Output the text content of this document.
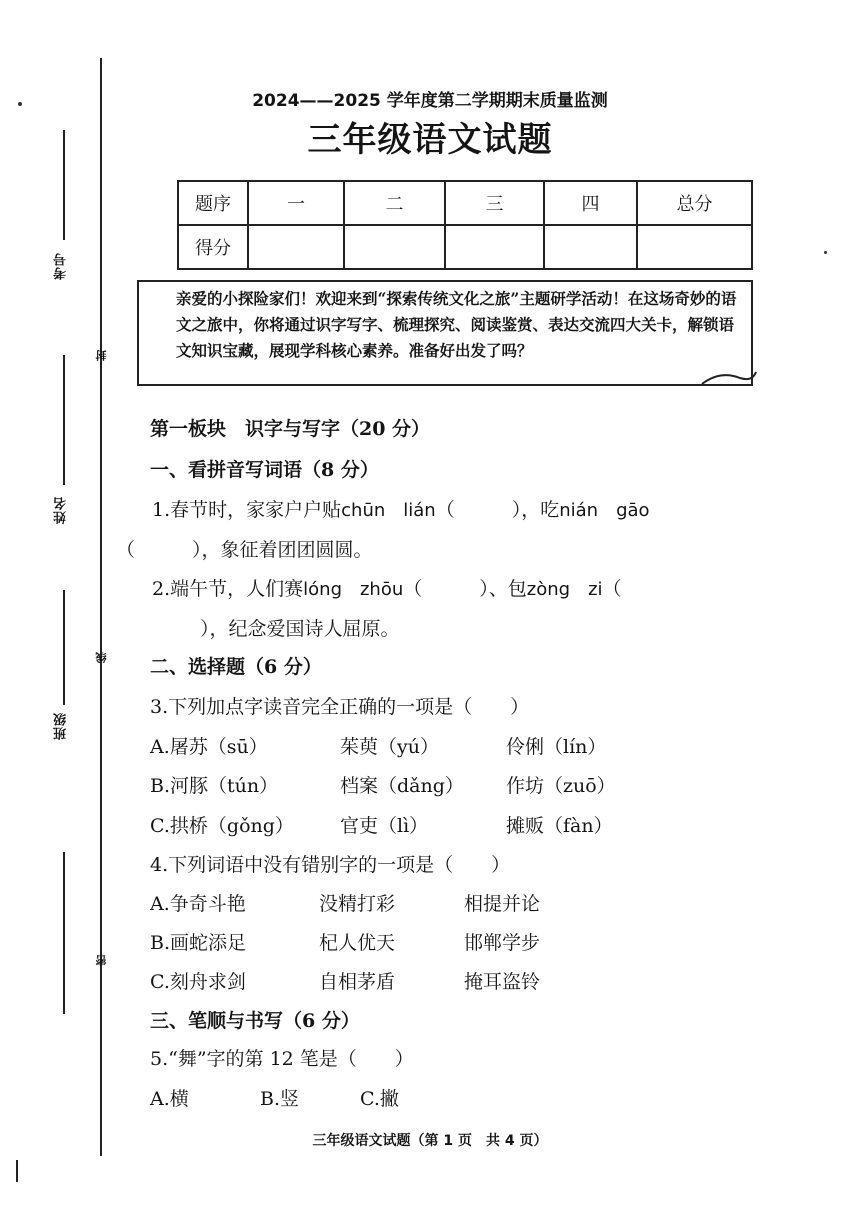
考号
封
姓名
线
班级
密
2024——2025 学年度第二学期期末质量监测
三年级语文试题
题序	一	二	三	四	总分
得分					
亲爱的小探险家们！欢迎来到“探索传统文化之旅”主题研学活动！在这场奇妙的语文之旅中，你将通过识字写字、梳理探究、阅读鉴赏、表达交流四大关卡，解锁语文知识宝藏，展现学科核心素养。准备好出发了吗？
第一板块　识字与写字（20 分）
一、看拼音写词语（8 分）
1.春节时，家家户户贴chūn　lián（　　　），吃nián　gāo
（　　　），象征着团团圆圆。
2.端午节，人们赛lóng　zhōu（　　　）、包zòng　zi（
），纪念爱国诗人屈原。
二、选择题（6 分）
3.下列加点字读音完全正确的一项是（　　）
A.屠苏（sū）	茱萸（yú）	伶俐（lín）
B.河豚（tún）	档案（dǎng） 作坊（zuō）
C.拱桥（gǒng） 官吏（lì）	摊贩（fàn）
4.下列词语中没有错别字的一项是（　　）
A.争奇斗艳	没精打彩	相提并论
B.画蛇添足	杞人优天	邯郸学步
C.刻舟求剑	自相茅盾	掩耳盗铃
三、笔顺与书写（6 分）
5.“舞”字的第 12 笔是（　　）
A.横	B.竖	C.撇
三年级语文试题（第 1 页　共 4 页）
